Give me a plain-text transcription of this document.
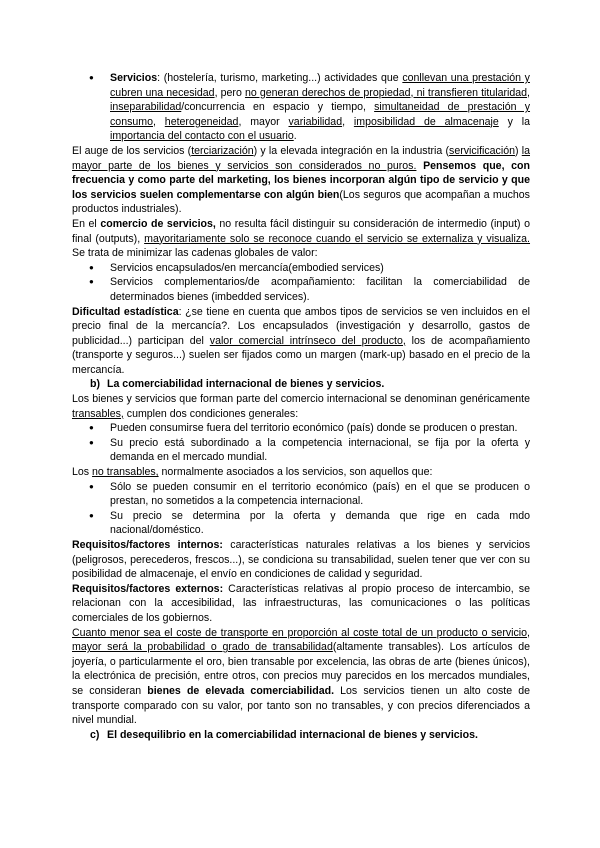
● Servicios: (hostelería, turismo, marketing...) actividades que conllevan una prestación y cubren una necesidad, pero no generan derechos de propiedad, ni transfieren titularidad, inseparabilidad/concurrencia en espacio y tiempo, simultaneidad de prestación y consumo, heterogeneidad, mayor variabilidad, imposibilidad de almacenaje y la importancia del contacto con el usuario.

El auge de los servicios (terciarización) y la elevada integración en la industria (servicificación) la mayor parte de los bienes y servicios son considerados no puros. Pensemos que, con frecuencia y como parte del marketing, los bienes incorporan algún tipo de servicio y que los servicios suelen complementarse con algún bien(Los seguros que acompañan a muchos productos industriales).

En el comercio de servicios, no resulta fácil distinguir su consideración de intermedio (input) o final (outputs), mayoritariamente solo se reconoce cuando el servicio se externaliza y visualiza. Se trata de minimizar las cadenas globales de valor:

● Servicios encapsulados/en mercancía(embodied services)
● Servicios complementarios/de acompañamiento: facilitan la comerciabilidad de determinados bienes (imbedded services).

Dificultad estadística: ¿se tiene en cuenta que ambos tipos de servicios se ven incluidos en el precio final de la mercancía?. Los encapsulados (investigación y desarrollo, gastos de publicidad...) participan del valor comercial intrínseco del producto, los de acompañamiento (transporte y seguros...) suelen ser fijados como un margen (mark-up) basado en el precio de la mercancía.

b) La comerciabilidad internacional de bienes y servicios.

Los bienes y servicios que forman parte del comercio internacional se denominan genéricamente transables, cumplen dos condiciones generales:

● Pueden consumirse fuera del territorio económico (país) donde se producen o prestan.
● Su precio está subordinado a la competencia internacional, se fija por la oferta y demanda en el mercado mundial.

Los no transables, normalmente asociados a los servicios, son aquellos que:

● Sólo se pueden consumir en el territorio económico (país) en el que se producen o prestan, no sometidos a la competencia internacional.
● Su precio se determina por la oferta y demanda que rige en cada mdo nacional/doméstico.

Requisitos/factores internos: características naturales relativas a los bienes y servicios (peligrosos, perecederos, frescos...), se condiciona su transabilidad, suelen tener que ver con su posibilidad de almacenaje, el envío en condiciones de calidad y seguridad.

Requisitos/factores externos: Características relativas al propio proceso de intercambio, se relacionan con la accesibilidad, las infraestructuras, las comunicaciones o las políticas comerciales de los gobiernos.

Cuanto menor sea el coste de transporte en proporción al coste total de un producto o servicio, mayor será la probabilidad o grado de transabilidad(altamente transables). Los artículos de joyería, o particularmente el oro, bien transable por excelencia, las obras de arte (bienes únicos), la electrónica de precisión, entre otros, con precios muy parecidos en los mercados mundiales, se consideran bienes de elevada comerciabilidad. Los servicios tienen un alto coste de transporte comparado con su valor, por tanto son no transables, y con precios diferenciados a nivel mundial.

c) El desequilibrio en la comerciabilidad internacional de bienes y servicios.
